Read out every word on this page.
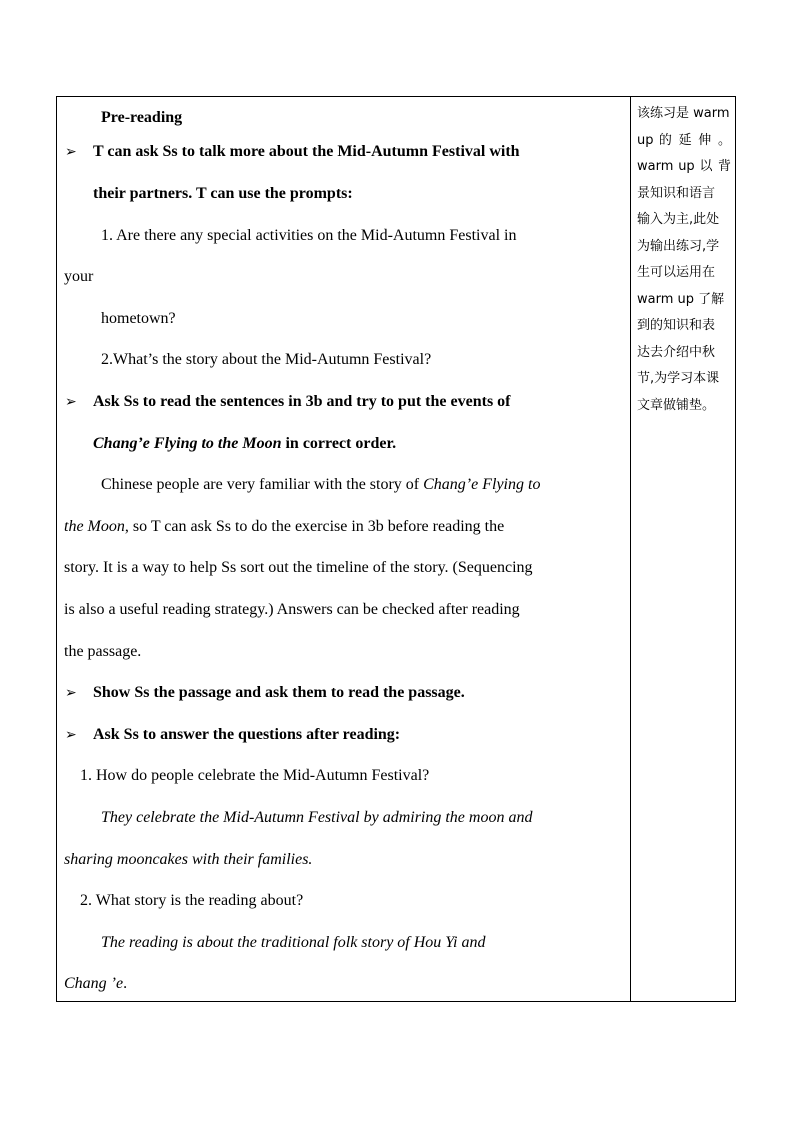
Pre-reading
➢ T can ask Ss to talk more about the Mid-Autumn Festival with
their partners. T can use the prompts:
1. Are there any special activities on the Mid-Autumn Festival in
your
hometown?
2.What’s the story about the Mid-Autumn Festival?
➢ Ask Ss to read the sentences in 3b and try to put the events of
Chang’e Flying to the Moon in correct order.
Chinese people are very familiar with the story of Chang’e Flying to
the Moon, so T can ask Ss to do the exercise in 3b before reading the
story. It is a way to help Ss sort out the timeline of the story. (Sequencing
is also a useful reading strategy.) Answers can be checked after reading
the passage.
➢ Show Ss the passage and ask them to read the passage.
➢ Ask Ss to answer the questions after reading:
1. How do people celebrate the Mid-Autumn Festival?
They celebrate the Mid-Autumn Festival by admiring the moon and
sharing mooncakes with their families.
2. What story is the reading about?
The reading is about the traditional folk story of Hou Yi and
Chang ’e.
该练习是 warm
up 的 延 伸 。
warm up 以 背
景知识和语言
输入为主,此处
为输出练习,学
生可以运用在
warm up 了解
到的知识和表
达去介绍中秋
节,为学习本课
文章做铺垫。
